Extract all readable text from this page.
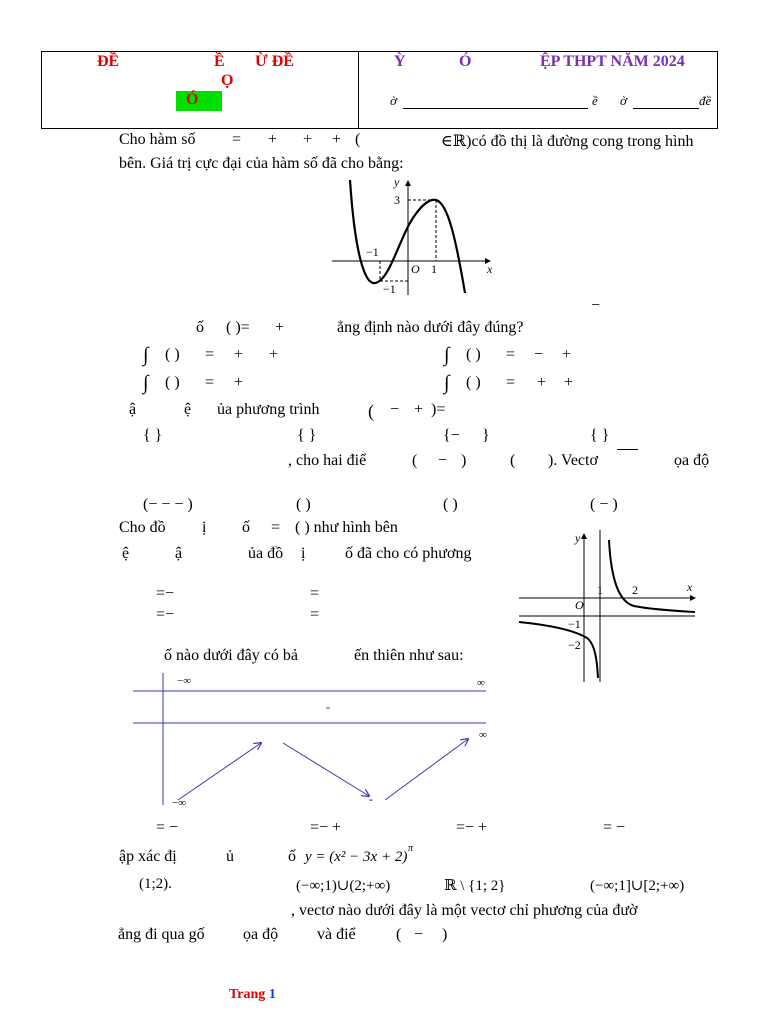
ĐỀ	Ề Ừ ĐỀ
Ọ
Ó
Ỳ	Ó	ỆP THPT NĂM 2024
ờ	ề ờ	đề
Cho hàm số = + + + (	∈ℝ)có đồ thị là đường cong trong hình
bên. Giá trị cực đại của hàm số đã cho bằng:
y
3
−1
O 1	x
−1
−
ố ( )= +	ẳng định nào dưới đây đúng?
∫ ( ) = + +	∫ ( ) = − +
∫ ( ) = +	∫ ( ) = + +
ậ	ệ ủa phương trình	( − + )=
{ }	{ }	{− }	{ }
, cho hai điể	( − )	( ). Vectơ	ọa độ
(− − − )	( )	( )	( − )
Cho đồ ị ố = ( ) như hình bên
ệ	ậ	ủa đồ ị ố đã cho có phương
=−	=
=−	=
y
1 2	x
O
−1
−2
ố nào dưới đây có bả	ến thiên như sau:
−∞	∞
-
∞
−∞	-
= −	=− +	=− +	= −
ập xác đị	ủ	ố y = (x² − 3x + 2)
π
(1;2).	(−∞;1)∪(2;+∞)	ℝ \ {1; 2}	(−∞;1]∪[2;+∞)
, vectơ nào dưới đây là một vectơ chỉ phương của đườ
ẳng đi qua gố ọa độ và điể	( − )
Trang 1
